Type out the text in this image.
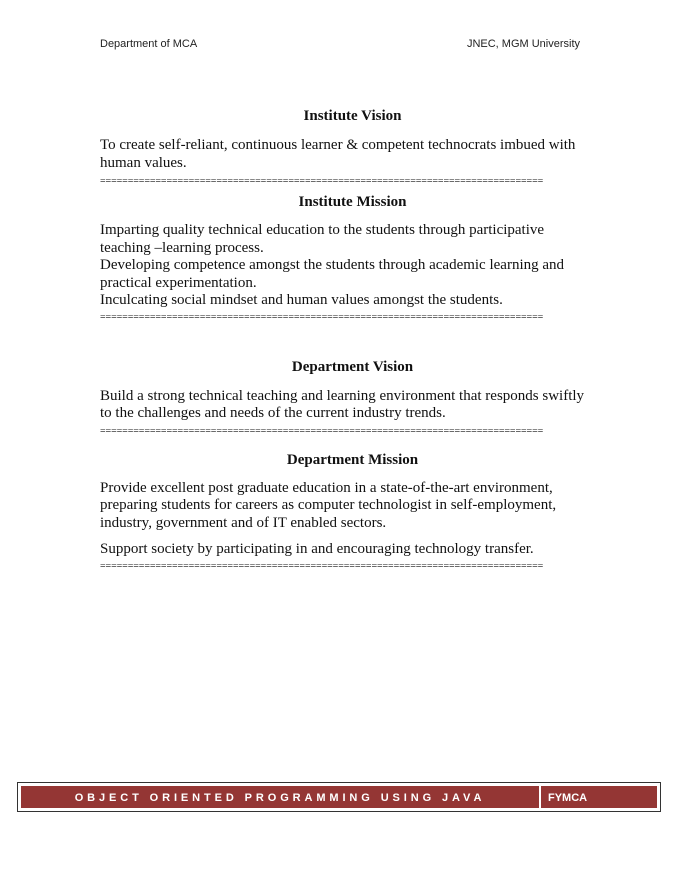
Department of MCA	JNEC, MGM University
Institute Vision
To create self-reliant, continuous learner & competent technocrats imbued with
human values.
================================================================================
Institute Mission
Imparting quality technical education to the students through participative
teaching –learning process.
Developing competence amongst the students through academic learning and
practical experimentation.
Inculcating social mindset and human values amongst the students.
================================================================================
Department Vision
Build a strong technical teaching and learning environment that responds swiftly
to the challenges and needs of the current industry trends.
================================================================================
Department Mission
Provide excellent post graduate education in a state-of-the-art environment,
preparing students for careers as computer technologist in self-employment,
industry, government and of IT enabled sectors.
Support society by participating in and encouraging technology transfer.
================================================================================
OBJECT ORIENTED PROGRAMMING USING JAVA	FYMCA
